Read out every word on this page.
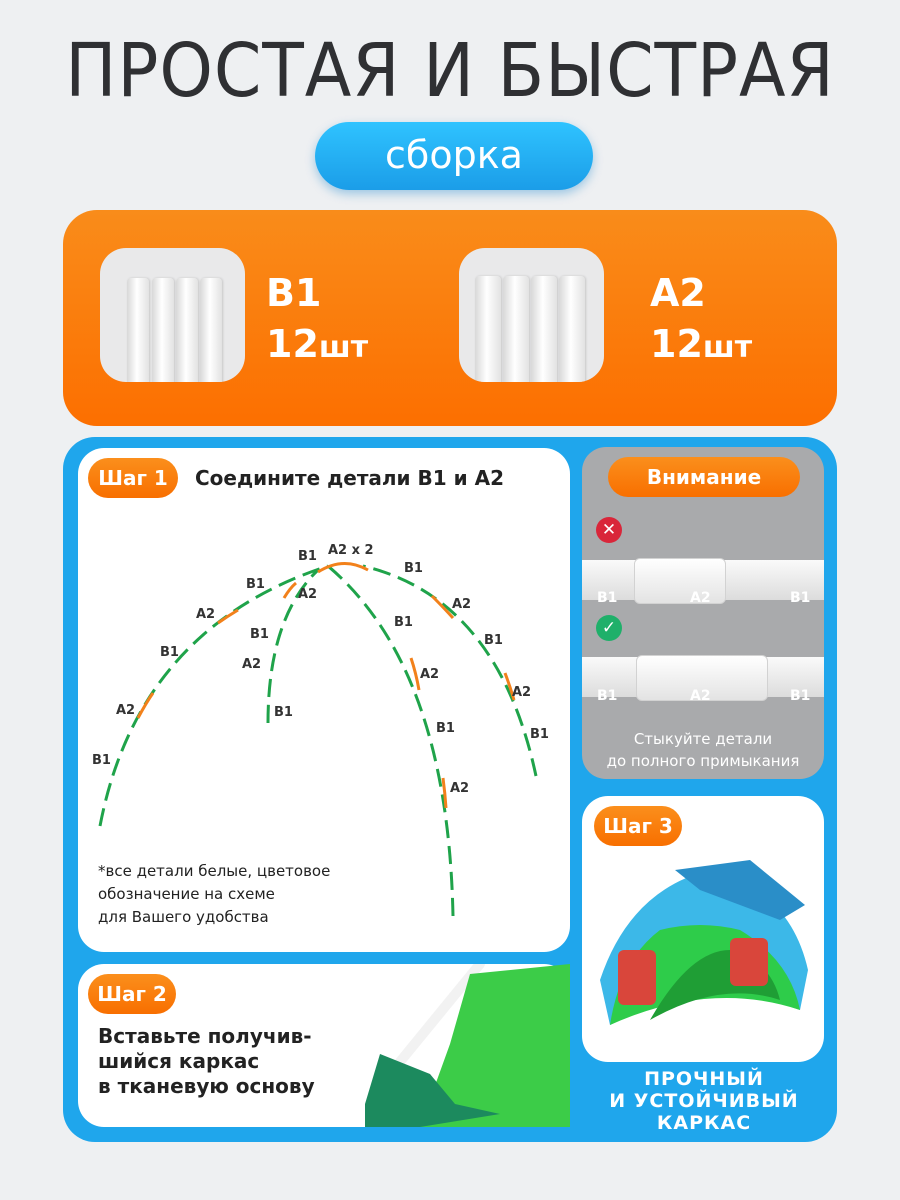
ПРОСТАЯ И БЫСТРАЯ
сборка
B1
12шт
A2
12шт
Шаг 1	Соедините детали B1 и A2
A2 x 2
B1
B1
A2
B1
A2
B1
A2
B1
A2
B1
B1
B1
A2
B1
A2
A2
B1
A2
B1
*все детали белые, цветовое
обозначение на схеме
для Вашего удобства
Внимание
✕
B1	A2	B1
✓
B1	A2	B1
Стыкуйте детали
до полного примыкания
Шаг 3
ПРОЧНЫЙ
И УСТОЙЧИВЫЙ
КАРКАС
Шаг 2
Вставьте получив-
шийся каркас
в тканевую основу
